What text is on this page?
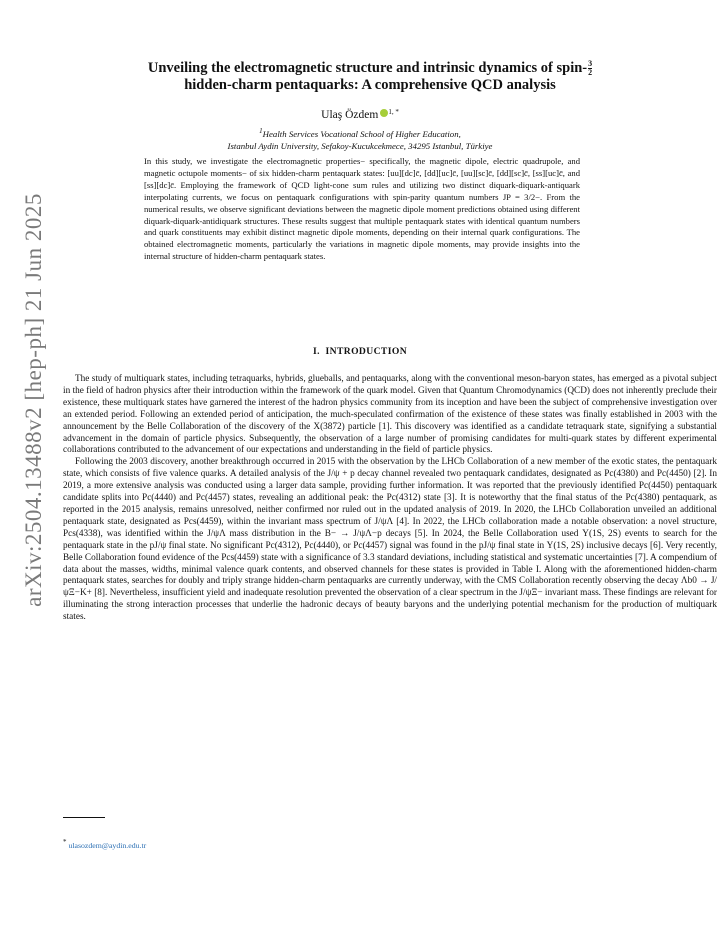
arXiv:2504.13488v2 [hep-ph] 21 Jun 2025
Unveiling the electromagnetic structure and intrinsic dynamics of spin- $\frac{3}{2}$

hidden-charm pentaquarks: A comprehensive QCD analysis
Ulaş Özdem $^{1, *}$
$^1$Health Services Vocational School of Higher Education,
Istanbul Aydin University, Sefakoy-Kucukcekmece, 34295 Istanbul, Türkiye
In this study, we investigate the electromagnetic properties− specifically, the magnetic dipole, electric quadrupole, and magnetic octupole moments− of six hidden-charm pentaquark states: [uu][dc]c̄, [dd][uc]c̄, [uu][sc]c̄, [dd][sc]c̄, [ss][uc]c̄, and [ss][dc]c̄. Employing the framework of QCD light-cone sum rules and utilizing two distinct diquark-diquark-antiquark interpolating currents, we focus on pentaquark configurations with spin-parity quantum numbers JP = 3/2−. From the numerical results, we observe significant deviations between the magnetic dipole moment predictions obtained using different diquark-diquark-antidiquark structures. These results suggest that multiple pentaquark states with identical quantum numbers and quark constituents may exhibit distinct magnetic dipole moments, depending on their internal quark configurations. The obtained electromagnetic moments, particularly the variations in magnetic dipole moments, may provide insights into the internal structure of hidden-charm pentaquark states.
I. INTRODUCTION

The study of multiquark states, including tetraquarks, hybrids, glueballs, and pentaquarks, along with the conventional meson-baryon states, has emerged as a pivotal subject in the field of hadron physics after their introduction within the framework of the quark model. Given that Quantum Chromodynamics (QCD) does not inherently preclude their existence, these multiquark states have garnered the interest of the hadron physics community from its inception and have been the subject of comprehensive investigation over an extended period. Following an extended period of anticipation, the much-speculated confirmation of the existence of these states was finally established in 2003 with the announcement by the Belle Collaboration of the discovery of the X(3872) particle [1]. This discovery was identified as a candidate tetraquark state, signifying a substantial advancement in the domain of particle physics. Subsequently, the observation of a large number of promising candidates for multi-quark states by different experimental collaborations contributed to the advancement of our expectations and understanding in the field of particle physics.

Following the 2003 discovery, another breakthrough occurred in 2015 with the observation by the LHCb Collaboration of a new member of the exotic states, the pentaquark state, which consists of five valence quarks. A detailed analysis of the J/ψ + p decay channel revealed two pentaquark candidates, designated as Pc(4380) and Pc(4450) [2]. In 2019, a more extensive analysis was conducted using a larger data sample, providing further information. It was reported that the previously identified Pc(4450) pentaquark candidate splits into Pc(4440) and Pc(4457) states, revealing an additional peak: the Pc(4312) state [3]. It is noteworthy that the final status of the Pc(4380) pentaquark, as reported in the 2015 analysis, remains unresolved, neither confirmed nor ruled out in the updated analysis of 2019. In 2020, the LHCb Collaboration unveiled an additional pentaquark state, designated as Pcs(4459), within the invariant mass spectrum of J/ψΛ [4]. In 2022, the LHCb collaboration made a notable observation: a novel structure, Pcs(4338), was identified within the J/ψΛ mass distribution in the B− → J/ψΛ−p decays [5]. In 2024, the Belle Collaboration used Υ(1S, 2S) events to search for the pentaquark state in the pJ/ψ final state. No significant Pc(4312), Pc(4440), or Pc(4457) signal was found in the pJ/ψ final state in Υ(1S, 2S) inclusive decays [6]. Very recently, Belle Collaboration found evidence of the Pcs(4459) state with a significance of 3.3 standard deviations, including statistical and systematic uncertainties [7]. A compendium of data about the masses, widths, minimal valence quark contents, and observed channels for these states is provided in Table I. Along with the aforementioned hidden-charm pentaquark states, searches for doubly and triply strange hidden-charm pentaquarks are currently underway, with the CMS Collaboration recently observing the decay Λb0 → J/ψΞ−K+ [8]. Nevertheless, insufficient yield and inadequate resolution prevented the observation of a clear spectrum in the J/ψΞ− invariant mass. These findings are relevant for illuminating the strong interaction processes that underlie the hadronic decays of beauty baryons and the underlying potential mechanism for the production of multiquark states.

* ulasozdem@aydin.edu.tr
